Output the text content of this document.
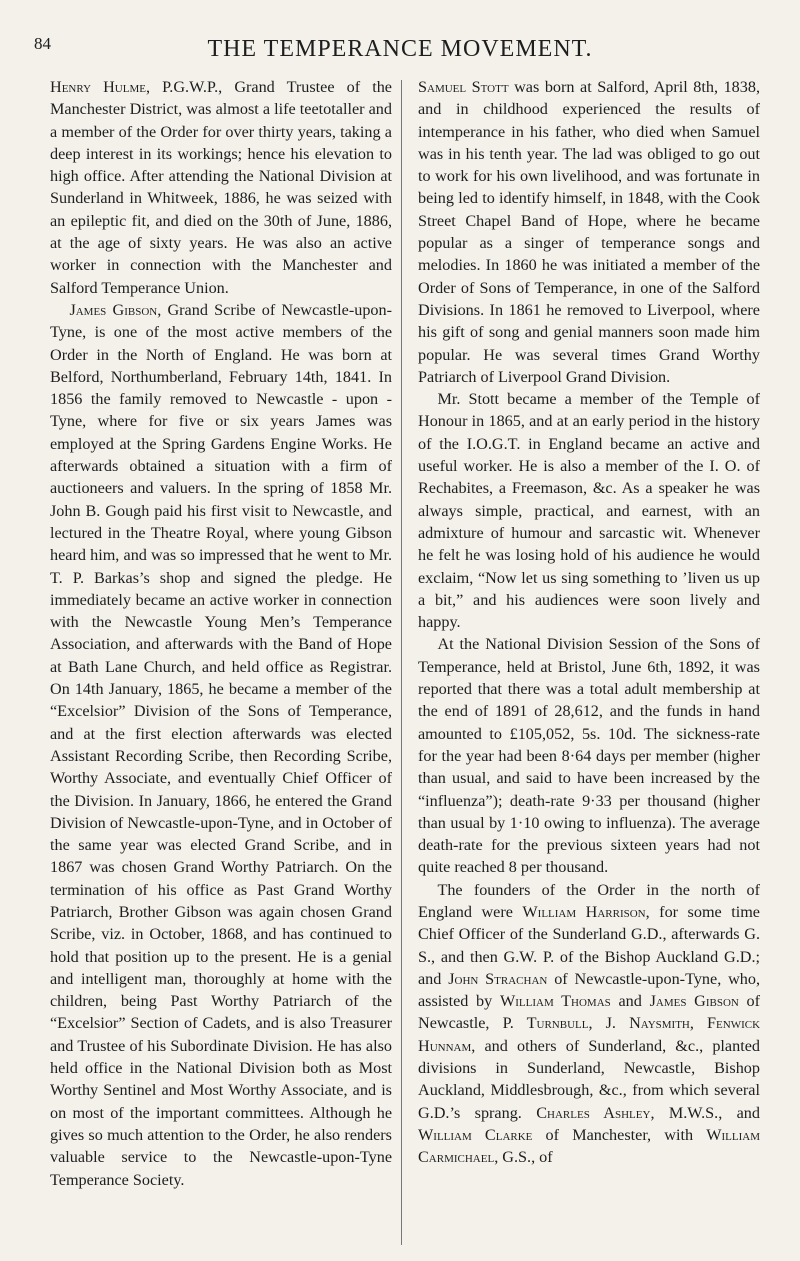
84	THE TEMPERANCE MOVEMENT.

Henry Hulme, P.G.W.P., Grand Trustee of the Manchester District, was almost a life teetotaller and a member of the Order for over thirty years, taking a deep interest in its workings; hence his elevation to high office. After attending the National Division at Sunderland in Whitweek, 1886, he was seized with an epileptic fit, and died on the 30th of June, 1886, at the age of sixty years. He was also an active worker in connection with the Manchester and Salford Temperance Union.

James Gibson, Grand Scribe of Newcastle-upon-Tyne, is one of the most active members of the Order in the North of England. He was born at Belford, Northumberland, February 14th, 1841. In 1856 the family removed to Newcastle - upon - Tyne, where for five or six years James was employed at the Spring Gardens Engine Works. He afterwards obtained a situation with a firm of auctioneers and valuers. In the spring of 1858 Mr. John B. Gough paid his first visit to Newcastle, and lectured in the Theatre Royal, where young Gibson heard him, and was so impressed that he went to Mr. T. P. Barkas’s shop and signed the pledge. He immediately became an active worker in connection with the Newcastle Young Men’s Temperance Association, and afterwards with the Band of Hope at Bath Lane Church, and held office as Registrar. On 14th January, 1865, he became a member of the “Excelsior” Division of the Sons of Temperance, and at the first election afterwards was elected Assistant Recording Scribe, then Recording Scribe, Worthy Associate, and eventually Chief Officer of the Division. In January, 1866, he entered the Grand Division of Newcastle-upon-Tyne, and in October of the same year was elected Grand Scribe, and in 1867 was chosen Grand Worthy Patriarch. On the termination of his office as Past Grand Worthy Patriarch, Brother Gibson was again chosen Grand Scribe, viz. in October, 1868, and has continued to hold that position up to the present. He is a genial and intelligent man, thoroughly at home with the children, being Past Worthy Patriarch of the “Excelsior” Section of Cadets, and is also Treasurer and Trustee of his Subordinate Division. He has also held office in the National Division both as Most Worthy Sentinel and Most Worthy Associate, and is on most of the important committees. Although he gives so much attention to the Order, he also renders valuable service to the Newcastle-upon-Tyne Temperance Society.

Samuel Stott was born at Salford, April 8th, 1838, and in childhood experienced the results of intemperance in his father, who died when Samuel was in his tenth year. The lad was obliged to go out to work for his own livelihood, and was fortunate in being led to identify himself, in 1848, with the Cook Street Chapel Band of Hope, where he became popular as a singer of temperance songs and melodies. In 1860 he was initiated a member of the Order of Sons of Temperance, in one of the Salford Divisions. In 1861 he removed to Liverpool, where his gift of song and genial manners soon made him popular. He was several times Grand Worthy Patriarch of Liverpool Grand Division.

Mr. Stott became a member of the Temple of Honour in 1865, and at an early period in the history of the I.O.G.T. in England became an active and useful worker. He is also a member of the I. O. of Rechabites, a Freemason, &c. As a speaker he was always simple, practical, and earnest, with an admixture of humour and sarcastic wit. Whenever he felt he was losing hold of his audience he would exclaim, “Now let us sing something to ’liven us up a bit,” and his audiences were soon lively and happy.

At the National Division Session of the Sons of Temperance, held at Bristol, June 6th, 1892, it was reported that there was a total adult membership at the end of 1891 of 28,612, and the funds in hand amounted to £105,052, 5s. 10d. The sickness-rate for the year had been 8·64 days per member (higher than usual, and said to have been increased by the “influenza”); death-rate 9·33 per thousand (higher than usual by 1·10 owing to influenza). The average death-rate for the previous sixteen years had not quite reached 8 per thousand.

The founders of the Order in the north of England were William Harrison, for some time Chief Officer of the Sunderland G.D., afterwards G. S., and then G.W. P. of the Bishop Auckland G.D.; and John Strachan of Newcastle-upon-Tyne, who, assisted by William Thomas and James Gibson of Newcastle, P. Turnbull, J. Naysmith, Fenwick Hunnam, and others of Sunderland, &c., planted divisions in Sunderland, Newcastle, Bishop Auckland, Middlesbrough, &c., from which several G.D.’s sprang. Charles Ashley, M.W.S., and William Clarke of Manchester, with William Carmichael, G.S., of
